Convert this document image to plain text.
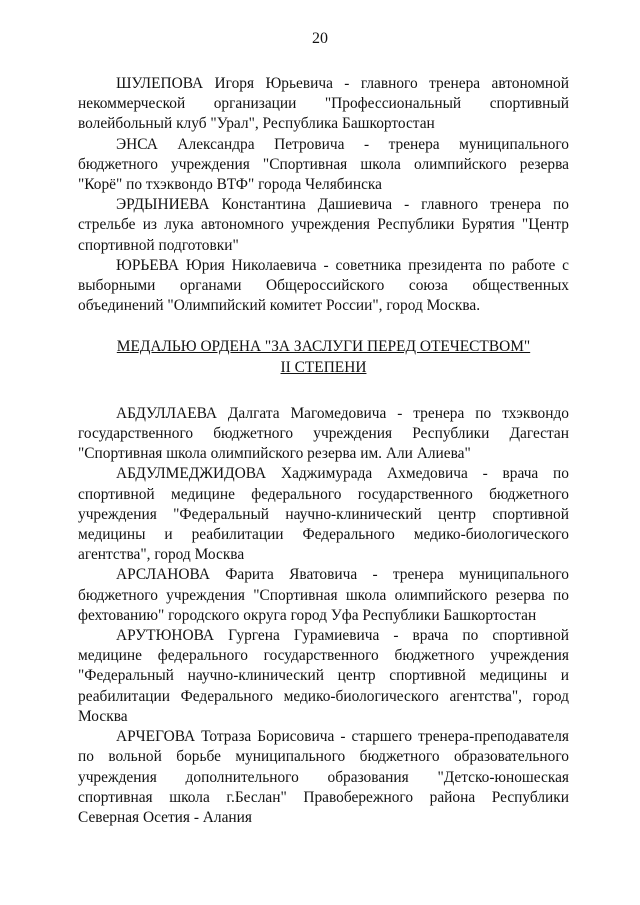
20

ШУЛЕПОВА Игоря Юрьевича - главного тренера автономной некоммерческой организации "Профессиональный спортивный волейбольный клуб "Урал", Республика Башкортостан

ЭНСА Александра Петровича - тренера муниципального бюджетного учреждения "Спортивная школа олимпийского резерва "Корё" по тхэквондо ВТФ" города Челябинска

ЭРДЫНИЕВА Константина Дашиевича - главного тренера по стрельбе из лука автономного учреждения Республики Бурятия "Центр спортивной подготовки"

ЮРЬЕВА Юрия Николаевича - советника президента по работе с выборными органами Общероссийского союза общественных объединений "Олимпийский комитет России", город Москва.

МЕДАЛЬЮ ОРДЕНА "ЗА ЗАСЛУГИ ПЕРЕД ОТЕЧЕСТВОМ"
II СТЕПЕНИ

АБДУЛЛАЕВА Далгата Магомедовича - тренера по тхэквондо государственного бюджетного учреждения Республики Дагестан "Спортивная школа олимпийского резерва им. Али Алиева"

АБДУЛМЕДЖИДОВА Хаджимурада Ахмедовича - врача по спортивной медицине федерального государственного бюджетного учреждения "Федеральный научно-клинический центр спортивной медицины и реабилитации Федерального медико-биологического агентства", город Москва

АРСЛАНОВА Фарита Яватовича - тренера муниципального бюджетного учреждения "Спортивная школа олимпийского резерва по фехтованию" городского округа город Уфа Республики Башкортостан

АРУТЮНОВА Гургена Гурамиевича - врача по спортивной медицине федерального государственного бюджетного учреждения "Федеральный научно-клинический центр спортивной медицины и реабилитации Федерального медико-биологического агентства", город Москва

АРЧЕГОВА Тотраза Борисовича - старшего тренера-преподавателя по вольной борьбе муниципального бюджетного образовательного учреждения дополнительного образования "Детско-юношеская спортивная школа г.Беслан" Правобережного района Республики Северная Осетия - Алания
